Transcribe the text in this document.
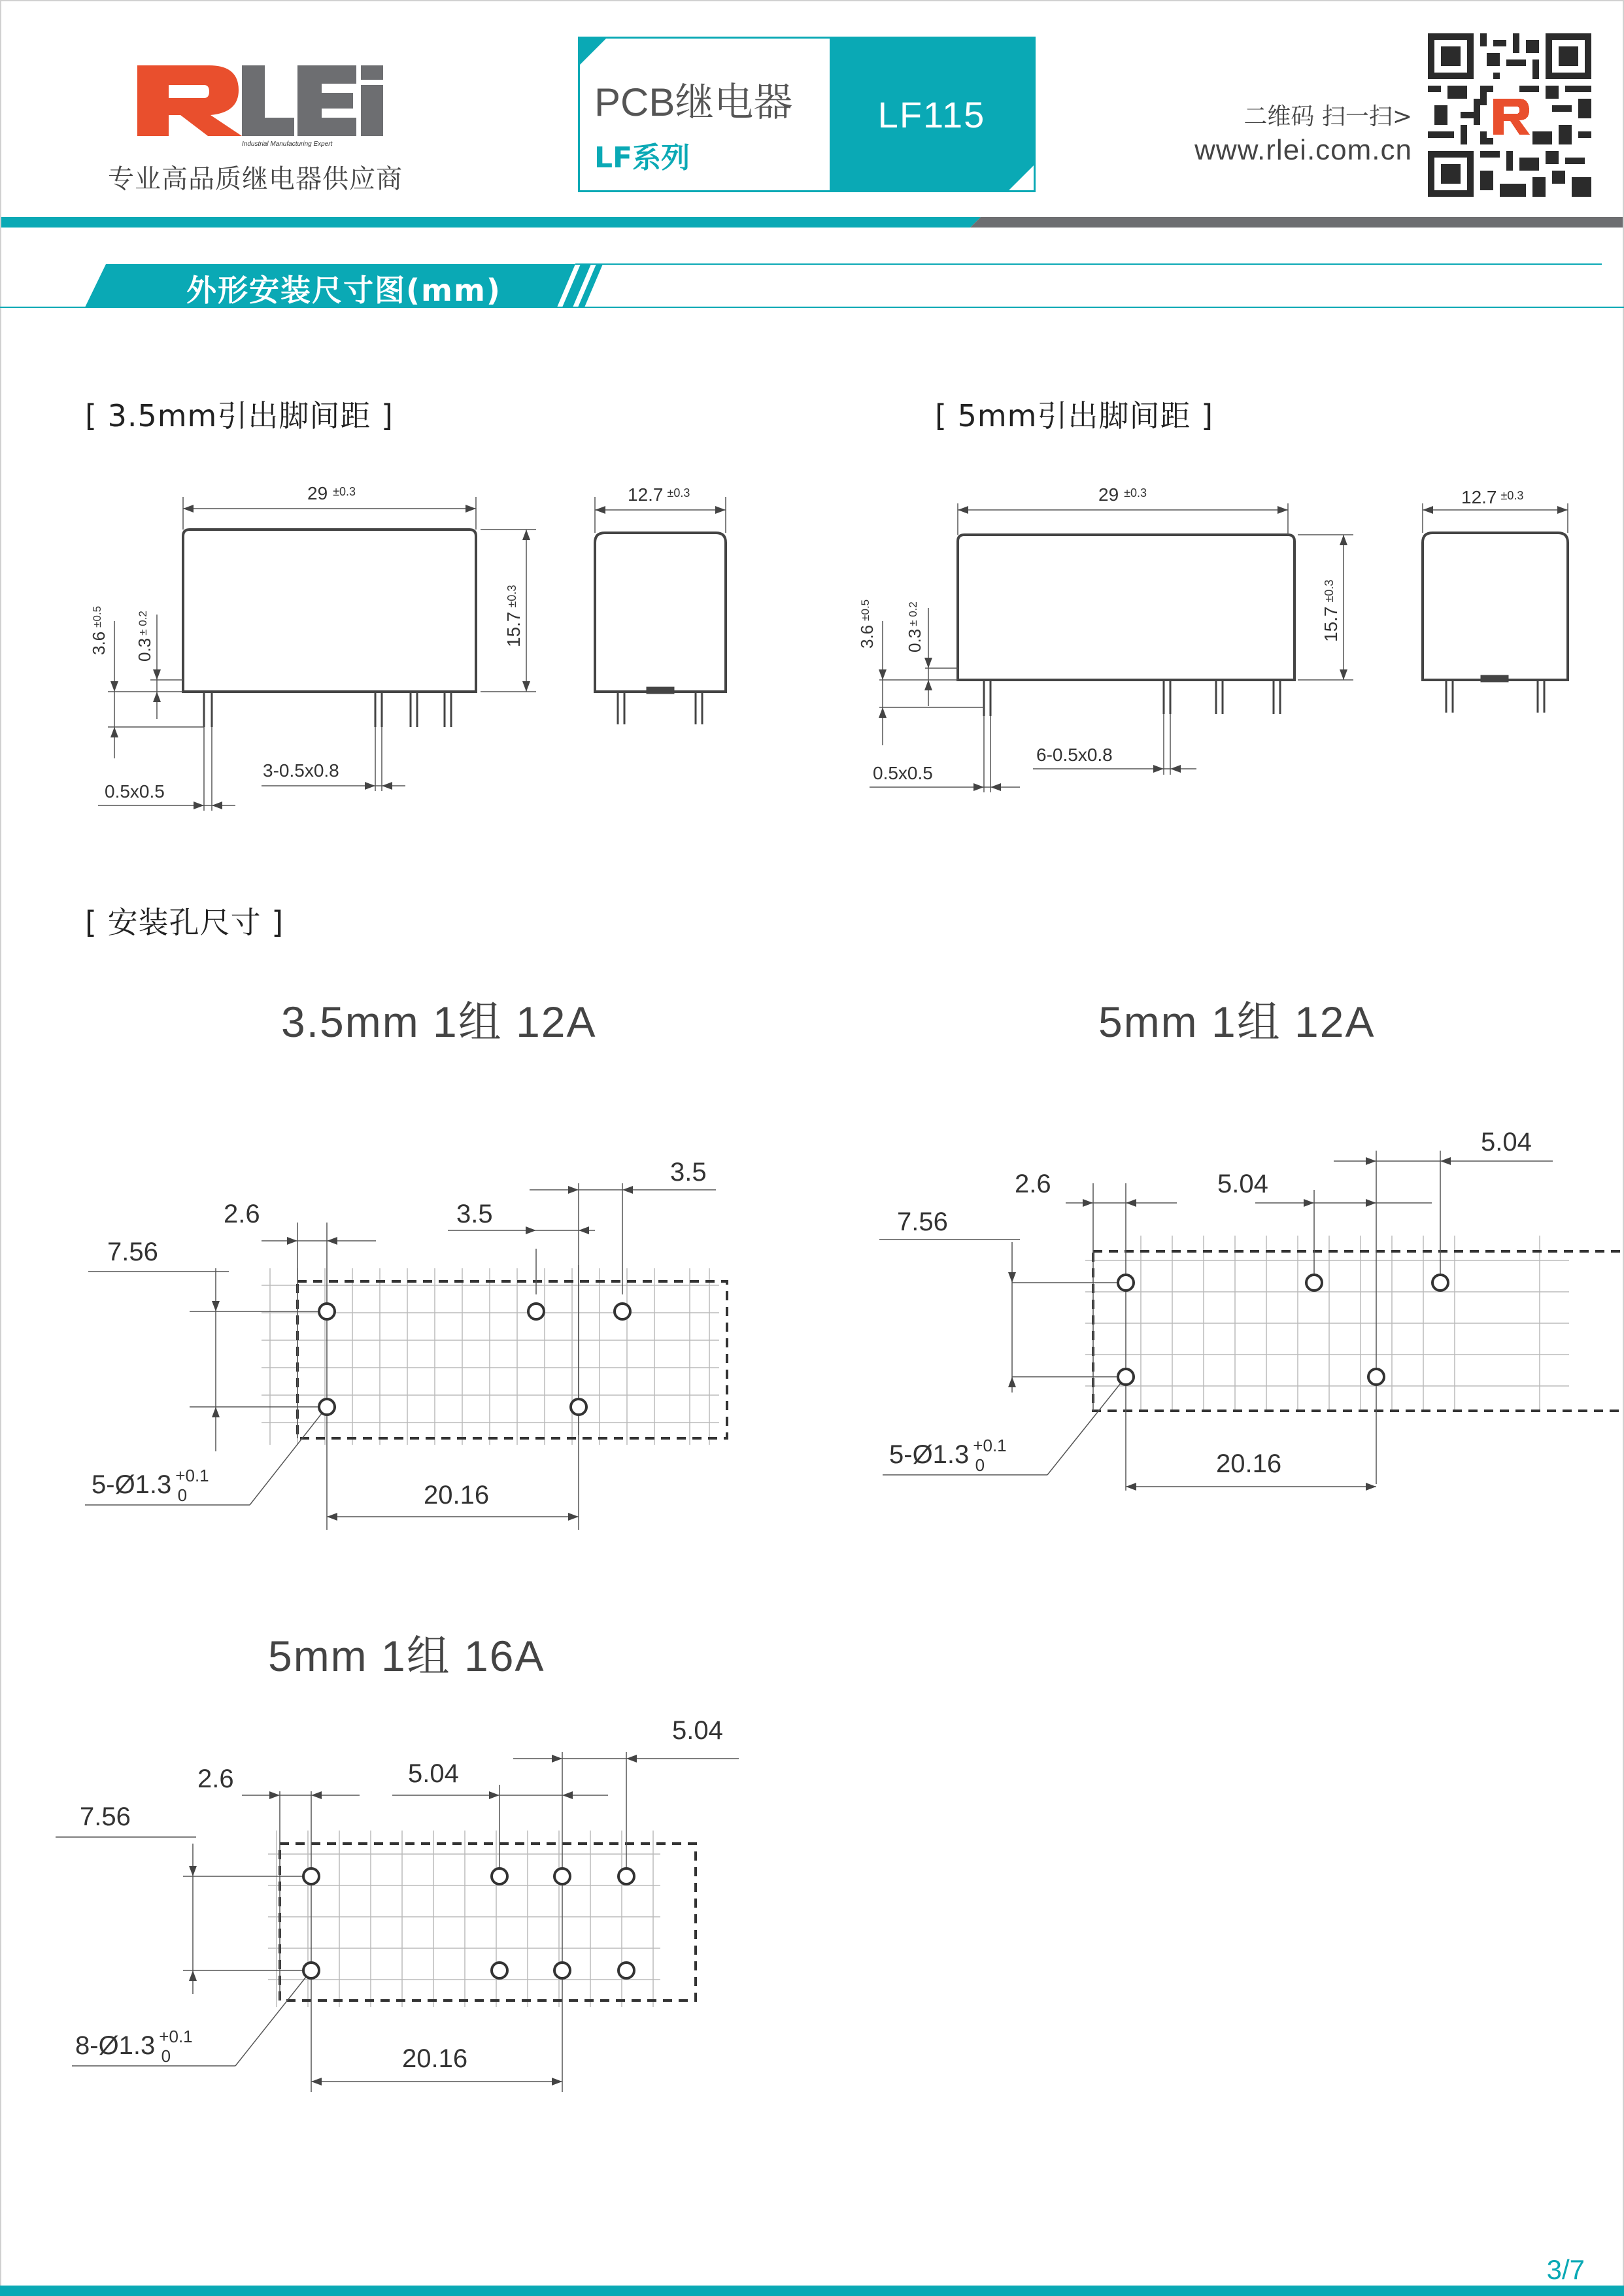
Industrial Manufacturing Expert
专业高品质继电器供应商
PCB继电器
LF系列
LF115	二维码 扫一扫>
www.rlei.com.cn
外形安装尺寸图(mm)
[ 3.5mm引出脚间距 ]	[ 5mm引出脚间距 ]
29 $^{\pm 0.3}$
$15.7^{\pm 0.3}$
$3.6^{\pm 0.5}$
$0.3^{\pm 0.2}$
0.5x0.5
3-0.5x0.8
12.7 $^{\pm 0.3}$	29 $^{\pm 0.3}$
$15.7^{\pm 0.3}$
$3.6^{\pm 0.5}$
$0.3^{\pm 0.2}$
0.5x0.5
6-0.5x0.8
12.7 $^{\pm 0.3}$
[ 安装孔尺寸 ]
3.5mm 1组 12A	5mm 1组 12A
5mm 1组 16A
2.6	3.5
3.5
7.56
20.16
5-Ø1.3 $^{+0.1}$ 0
2.6	5.04
5.04
7.56
20.16
5-Ø1.3 $^{+0.1}$ 0
2.6	5.04
5.04
7.56
20.16
8-Ø1.3 $^{+0.1}$ 0
3/7
